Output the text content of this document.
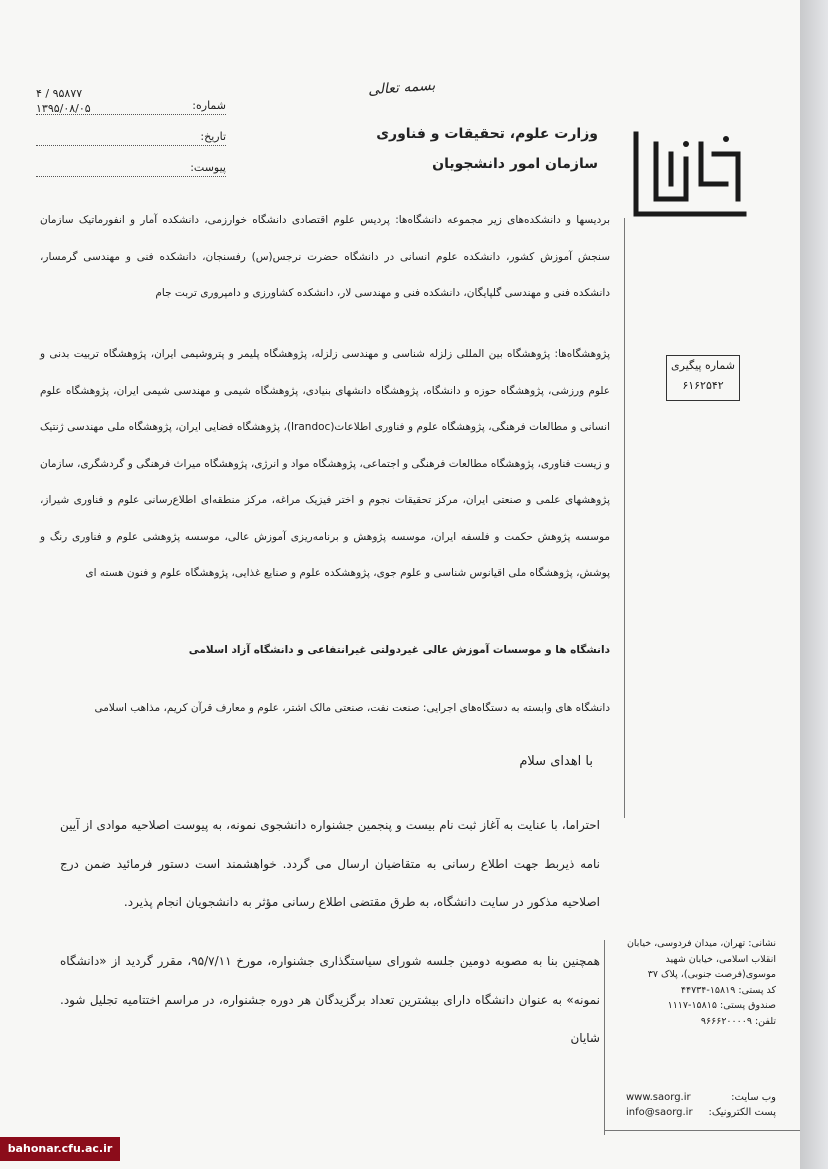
بسمه تعالی
وزارت علوم، تحقیقات و فناوری
سازمان امور دانشجویان
شماره:
۴ / ۹۵۸۷۷
تاریخ:
۱۳۹۵/۰۸/۰۵
پیوست:
شماره پیگیری
۶۱۶۲۵۴۲
بردیسها و دانشکده‌های زیر مجموعه دانشگاه‌ها: پردیس علوم اقتصادی دانشگاه خوارزمی، دانشکده آمار و انفورماتیک سازمان سنجش آموزش کشور، دانشکده علوم انسانی در دانشگاه حضرت نرجس(س) رفسنجان، دانشکده فنی و مهندسی گرمسار، دانشکده فنی و مهندسی گلپایگان، دانشکده فنی و مهندسی لار، دانشکده کشاورزی و دامپروری تربت جام
پژوهشگاه‌ها: پژوهشگاه بین المللی زلزله شناسی و مهندسی زلزله، پژوهشگاه پلیمر و پتروشیمی ایران، پژوهشگاه تربیت بدنی و علوم ورزشی، پژوهشگاه حوزه و دانشگاه، پژوهشگاه دانشهای بنیادی، پژوهشگاه شیمی و مهندسی شیمی ایران، پژوهشگاه علوم انسانی و مطالعات فرهنگی، پژوهشگاه علوم و فناوری اطلاعات(Irandoc)، پژوهشگاه فضایی ایران، پژوهشگاه ملی مهندسی ژنتیک و زیست فناوری، پژوهشگاه مطالعات فرهنگی و اجتماعی، پژوهشگاه مواد و انرژی، پژوهشگاه میراث فرهنگی و گردشگری، سازمان پژوهشهای علمی و صنعتی ایران، مرکز تحقیقات نجوم و اختر فیزیک مراغه، مرکز منطقه‌ای اطلاع‌رسانی علوم و فناوری شیراز، موسسه پژوهش حکمت و فلسفه ایران، موسسه پژوهش و برنامه‌ریزی آموزش عالی، موسسه پژوهشی علوم و فناوری رنگ و پوشش، پژوهشگاه ملی اقیانوس شناسی و علوم جوی، پژوهشکده علوم و صنایع غذایی، پژوهشگاه علوم و فنون هسته ای
دانشگاه ها و موسسات آموزش عالی غیردولتی غیرانتفاعی و دانشگاه آزاد اسلامی
دانشگاه های وابسته به دستگاه‌های اجرایی: صنعت نفت، صنعتی مالک اشتر، علوم و معارف قرآن کریم، مذاهب اسلامی
با اهدای سلام
احتراما، با عنایت به آغاز ثبت نام بیست و پنجمین جشنواره دانشجوی نمونه، به پیوست اصلاحیه موادی از آیین نامه ذیربط جهت اطلاع رسانی به متقاضیان ارسال می گردد. خواهشمند است دستور فرمائید ضمن درج اصلاحیه مذکور در سایت دانشگاه، به طرق مقتضی اطلاع رسانی مؤثر به دانشجویان انجام پذیرد.
همچنین بنا به مصوبه دومین جلسه شورای سیاستگذاری جشنواره، مورخ ۹۵/۷/۱۱، مقرر گردید از «دانشگاه نمونه» به عنوان دانشگاه دارای بیشترین تعداد برگزیدگان هر دوره جشنواره، در مراسم اختتامیه تجلیل شود. شایان
نشانی: تهران، میدان فردوسی، خیابان انقلاب اسلامی، خیابان شهید موسوی(فرصت جنوبی)، پلاک ۳۷
کد پستی: ۱۵۸۱۹-۴۴۷۳۴
صندوق پستی: ۱۵۸۱۵-۱۱۱۷
تلفن: ۹۶۶۶۲۰۰۰۰۹
www.saorg.ir	وب سایت:
info@saorg.ir پست الکترونیک:
bahonar.cfu.ac.ir
